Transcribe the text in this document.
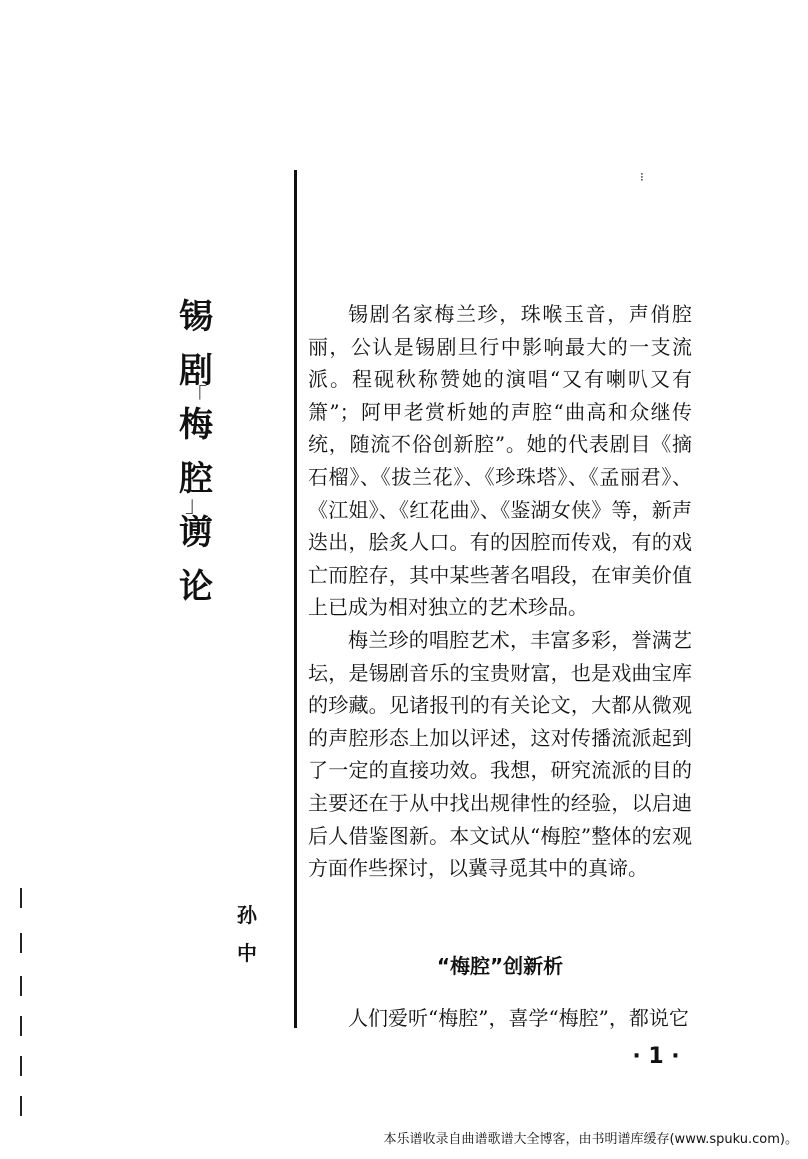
锡
剧
「
梅
腔
」
谫
论
孙
中
⁝

锡剧名家梅兰珍，珠喉玉音，声俏腔丽，公认是锡剧旦行中影响最大的一支流派。程砚秋称赞她的演唱“又有喇叭又有箫”；阿甲老赏析她的声腔“曲高和众继传统，随流不俗创新腔”。她的代表剧目《摘石榴》、《拔兰花》、《珍珠塔》、《孟丽君》、《江姐》、《红花曲》、《鉴湖女侠》等，新声迭出，脍炙人口。有的因腔而传戏，有的戏亡而腔存，其中某些著名唱段，在审美价值上已成为相对独立的艺术珍品。

梅兰珍的唱腔艺术，丰富多彩，誉满艺坛，是锡剧音乐的宝贵财富，也是戏曲宝库的珍藏。见诸报刊的有关论文，大都从微观的声腔形态上加以评述，这对传播流派起到了一定的直接功效。我想，研究流派的目的主要还在于从中找出规律性的经验，以启迪后人借鉴图新。本文试从“梅腔”整体的宏观方面作些探讨，以冀寻觅其中的真谛。

“梅腔”创新析

人们爱听“梅腔”，喜学“梅腔”，都说它

· 1 ·
本乐谱收录自曲谱歌谱大全博客，由书明谱库缓存(www.spuku.com)。
